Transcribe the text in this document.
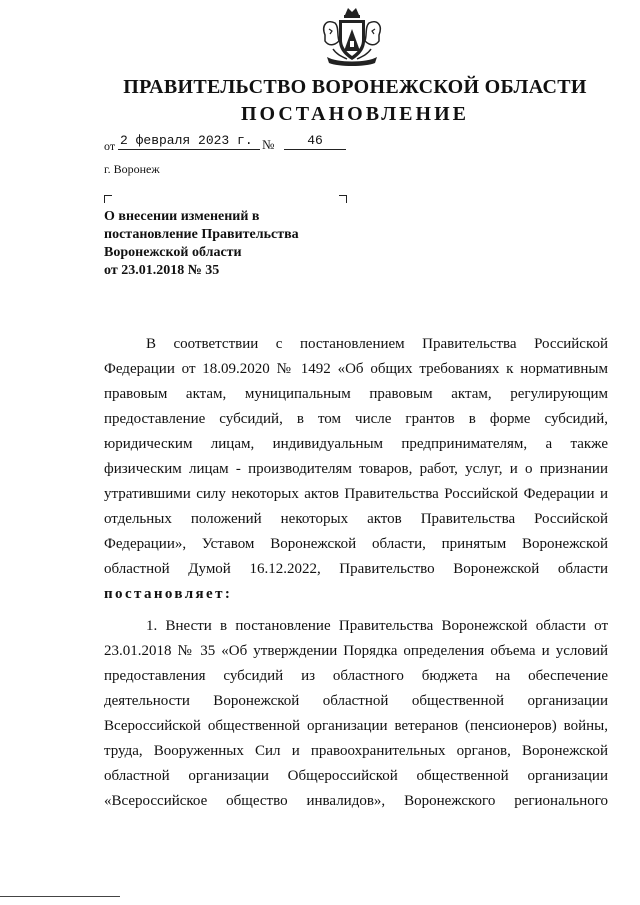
ПРАВИТЕЛЬСТВО ВОРОНЕЖСКОЙ ОБЛАСТИ
ПОСТАНОВЛЕНИЕ
от 2 февраля 2023 г. №	46
г. Воронеж
О внесении изменений в
постановление Правительства
Воронежской области
от 23.01.2018 № 35
В соответствии с постановлением Правительства Российской
Федерации от 18.09.2020 № 1492 «Об общих требованиях к нормативным
правовым актам, муниципальным правовым актам, регулирующим
предоставление субсидий, в том числе грантов в форме субсидий,
юридическим лицам, индивидуальным предпринимателям, а также
физическим лицам - производителям товаров, работ, услуг, и о признании
утратившими силу некоторых актов Правительства Российской Федерации и
отдельных положений некоторых актов Правительства Российской
Федерации», Уставом Воронежской области, принятым Воронежской
областной Думой 16.12.2022, Правительство Воронежской области
постановляет:
1. Внести в постановление Правительства Воронежской области от
23.01.2018 № 35 «Об утверждении Порядка определения объема и условий
предоставления субсидий из областного бюджета на обеспечение
деятельности Воронежской областной общественной организации
Всероссийской общественной организации ветеранов (пенсионеров) войны,
труда, Вооруженных Сил и правоохранительных органов, Воронежской
областной организации Общероссийской общественной организации
«Всероссийское общество инвалидов», Воронежского регионального
